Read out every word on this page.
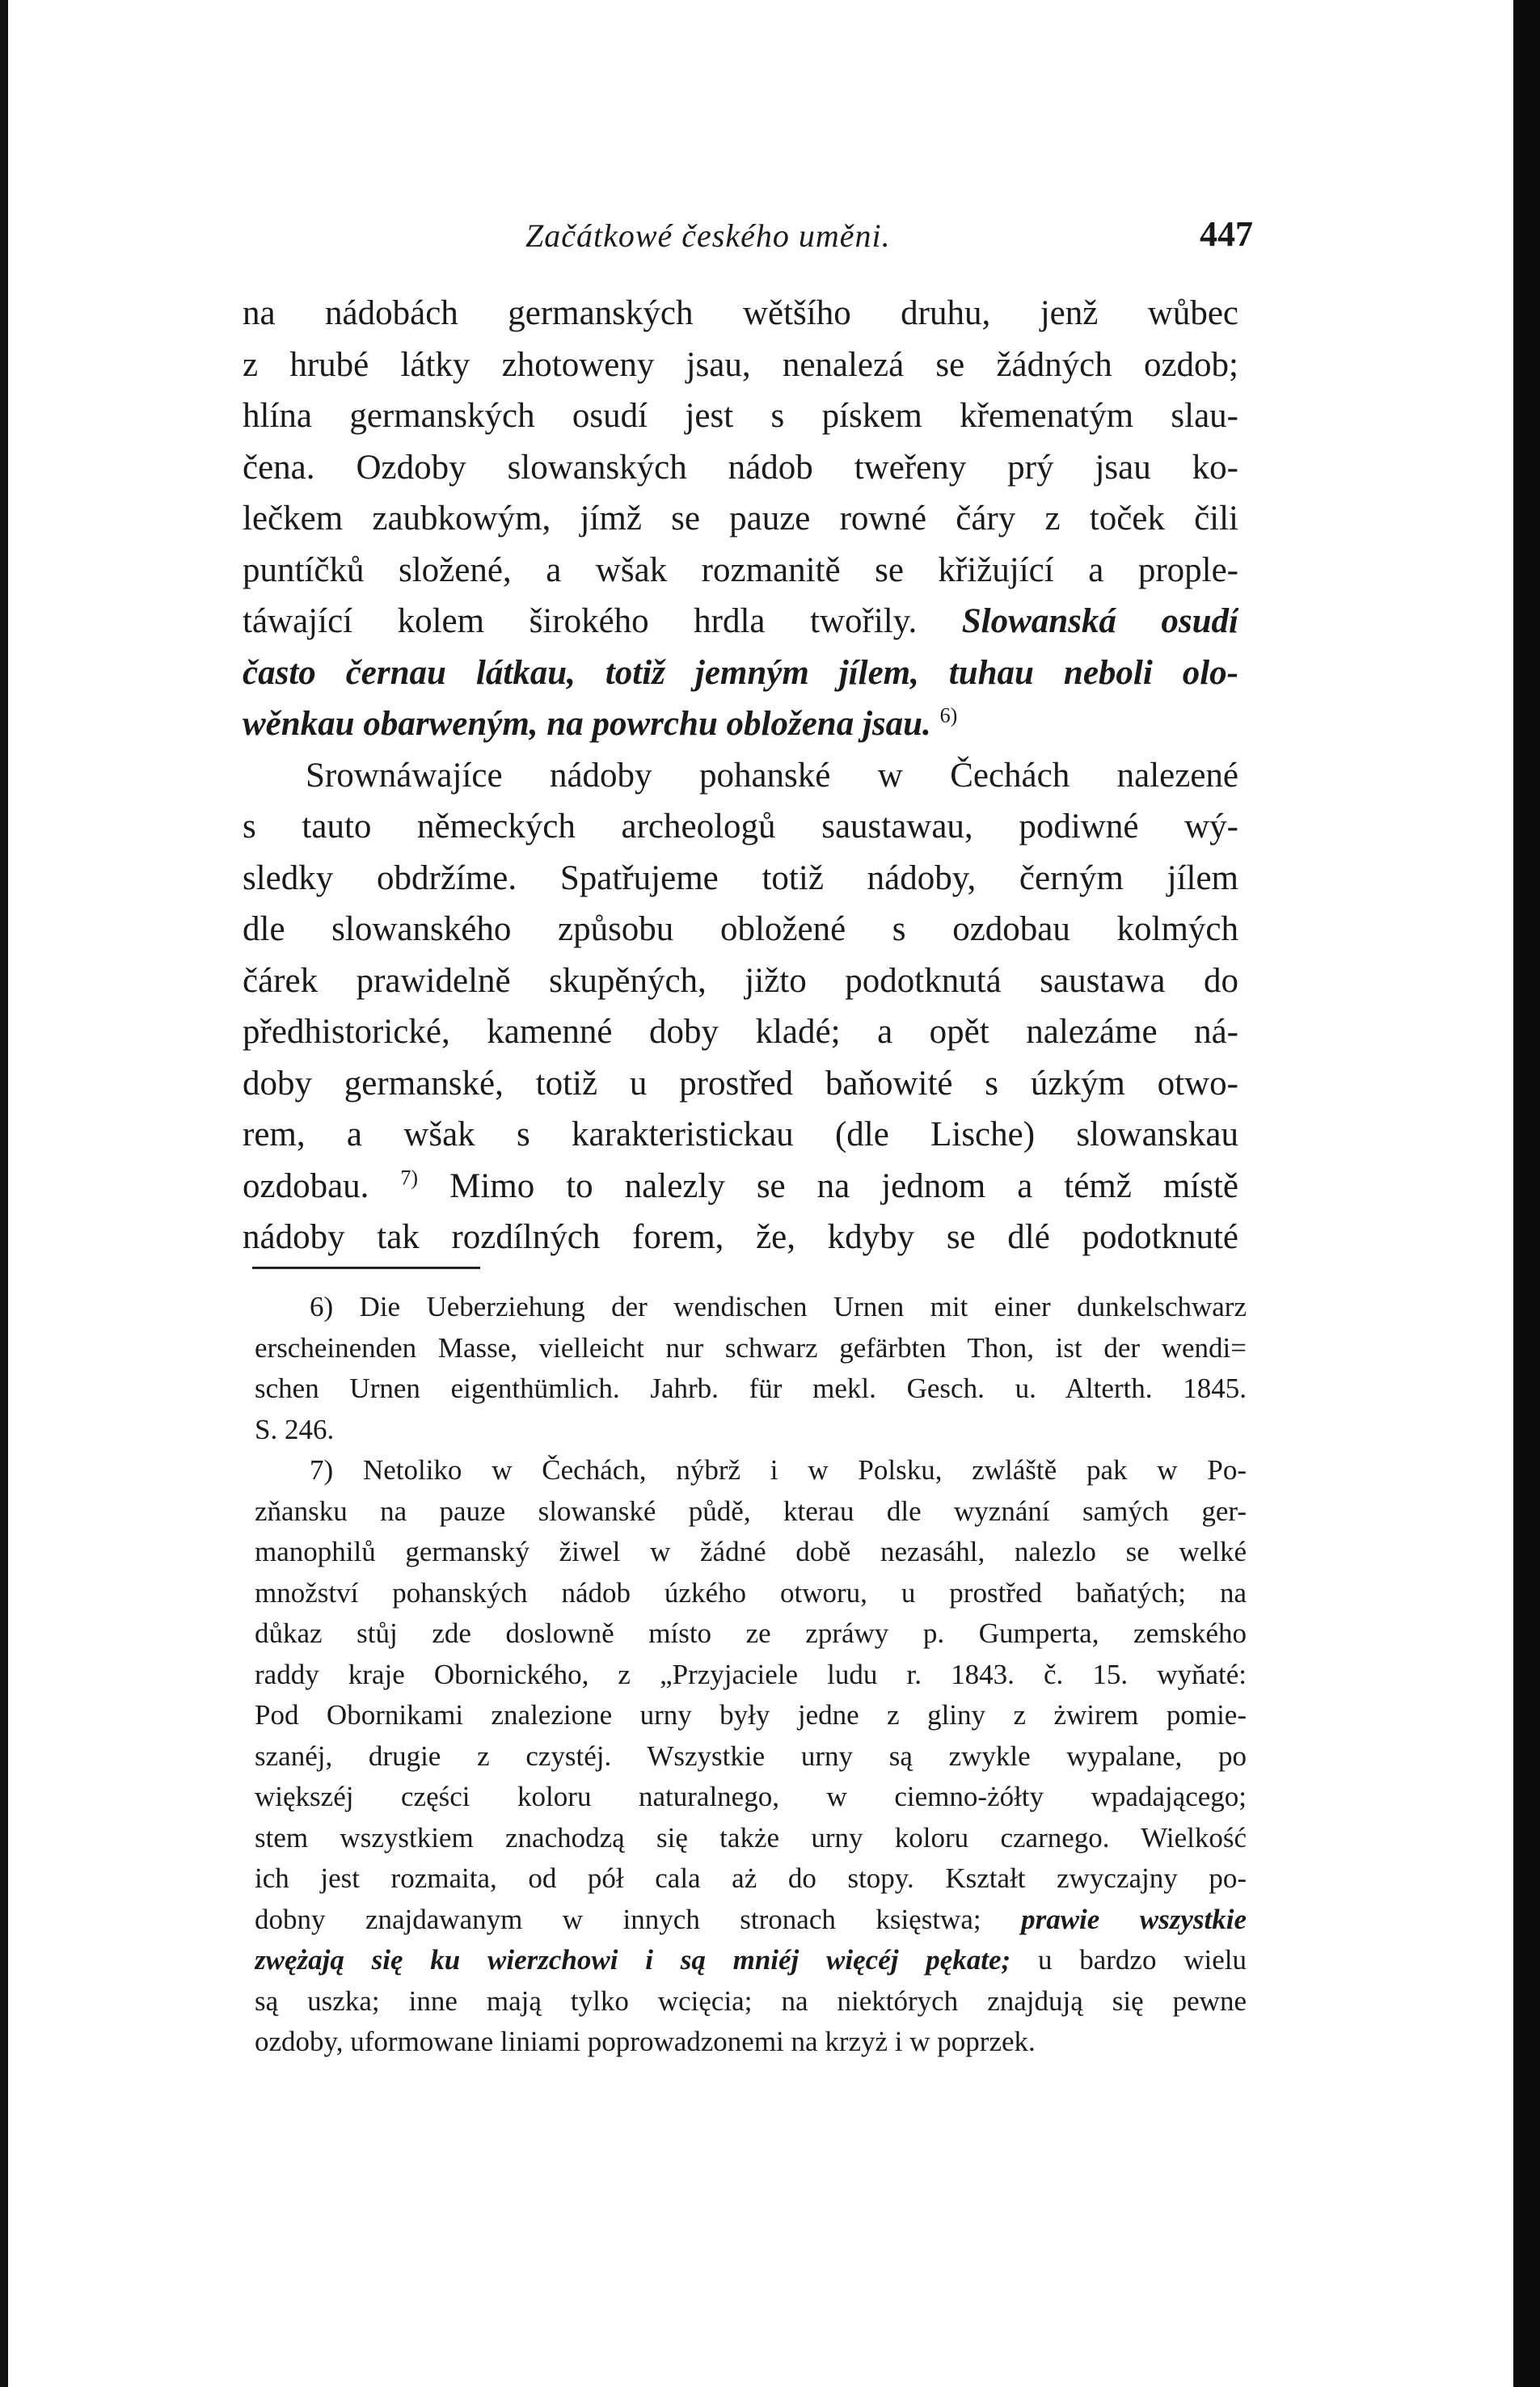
Začátkowé českého uměni.	447
na nádobách germanských wětšího druhu, jenž wůbec
z hrubé látky zhotoweny jsau, nenalezá se žádných ozdob;
hlína germanských osudí jest s pískem křemenatým slau-
čena. Ozdoby slowanských nádob tweřeny prý jsau ko-
lečkem zaubkowým, jímž se pauze rowné čáry z toček čili
puntíčků složené, a wšak rozmanitě se křižující a prople-
táwající kolem širokého hrdla twořily. Slowanská osudí
často černau látkau, totiž jemným jílem, tuhau neboli olo-
wěnkau obarweným, na powrchu obložena jsau. $^{6)}$
Srownáwajíce nádoby pohanské w Čechách nalezené
s tauto německých archeologů saustawau, podiwné wý-
sledky obdržíme. Spatřujeme totiž nádoby, černým jílem
dle slowanského způsobu obložené s ozdobau kolmých
čárek prawidelně skupěných, jižto podotknutá saustawa do
předhistorické, kamenné doby kladé; a opět nalezáme ná-
doby germanské, totiž u prostřed baňowité s úzkým otwo-
rem, a wšak s karakteristickau (dle Lische) slowanskau
ozdobau. $^{7)}$ Mimo to nalezly se na jednom a témž místě
nádoby tak rozdílných forem, že, kdyby se dlé podotknuté
6) Die Ueberziehung der wendischen Urnen mit einer dunkelschwarz
erscheinenden Masse, vielleicht nur schwarz gefärbten Thon, ist der wendi=
schen Urnen eigenthümlich. Jahrb. für mekl. Gesch. u. Alterth. 1845.
S. 246.
7) Netoliko w Čechách, nýbrž i w Polsku, zwláště pak w Po-
zňansku na pauze slowanské půdě, kterau dle wyznání samých ger-
manophilů germanský žiwel w žádné době nezasáhl, nalezlo se welké
množství pohanských nádob úzkého otworu, u prostřed baňatých; na
důkaz stůj zde doslowně místo ze zpráwy p. Gumperta, zemského
raddy kraje Obornického, z „Przyjaciele ludu r. 1843. č. 15. wyňaté:
Pod Obornikami znalezione urny były jedne z gliny z żwirem pomie-
szanéj, drugie z czystéj. Wszystkie urny są zwykle wypalane, po
większéj części koloru naturalnego, w ciemno-żółty wpadającego;
stem wszystkiem znachodzą się także urny koloru czarnego. Wielkość
ich jest rozmaita, od pół cala aż do stopy. Kształt zwyczajny po-
dobny znajdawanym w innych stronach księstwa; prawie wszystkie
zwężają się ku wierzchowi i są mniéj więcéj pękate; u bardzo wielu
są uszka; inne mają tylko wcięcia; na niektórych znajdują się pewne
ozdoby, uformowane liniami poprowadzonemi na krzyż i w poprzek.
